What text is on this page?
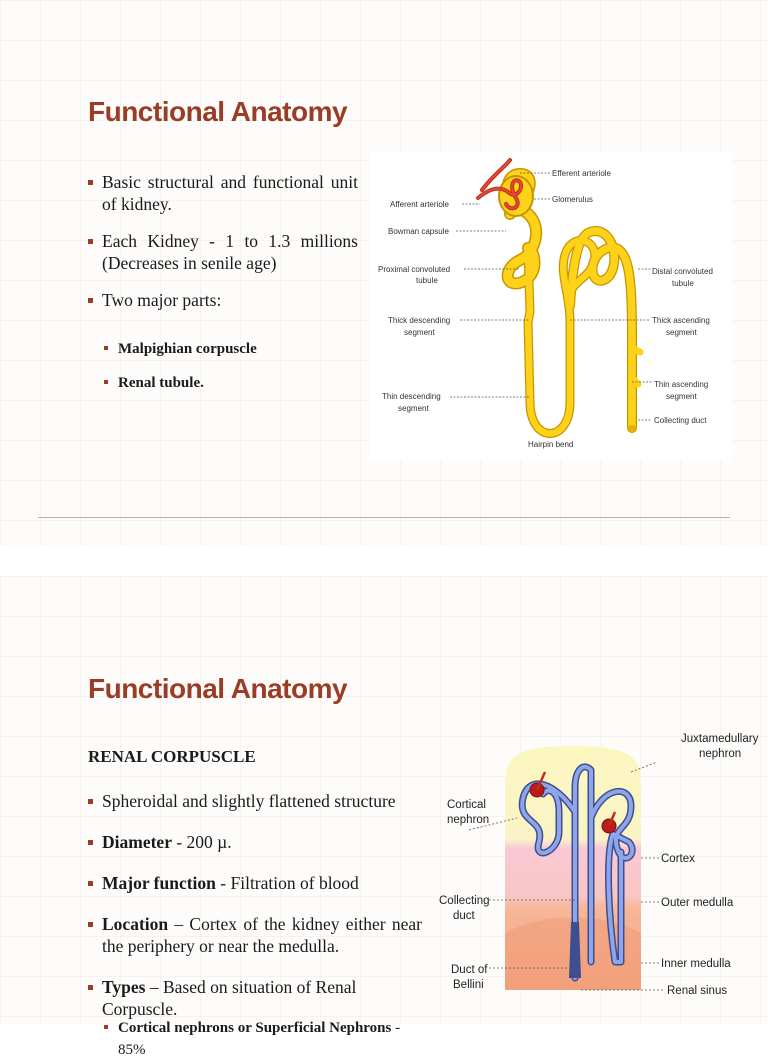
Functional Anatomy
Basic structural and functional unit of kidney.
Each Kidney - 1 to 1.3 millions (Decreases in senile age)
Two major parts:
Malpighian corpuscle
Renal tubule.
Efferent arteriole
Afferent arteriole
Glomerulus
Bowman capsule
Proximal convoluted
tubule
Distal convoluted
tubule
Thick descending
segment
Thick ascending
segment
Thin ascending
segment
Thin descending
segment
Collecting duct
Hairpin bend
Functional Anatomy
RENAL CORPUSCLE
Spheroidal and slightly flattened structure
Diameter - 200 µ.
Major function - Filtration of blood
Location – Cortex of the kidney either near the periphery or near the medulla.
Types – Based on situation of Renal Corpuscle.
Cortical nephrons or Superficial Nephrons - 85%
Juxtamedullary
nephron
Cortical
nephron
Cortex
Collecting
duct
Outer medulla
Inner medulla
Duct of
Bellini	Renal sinus
